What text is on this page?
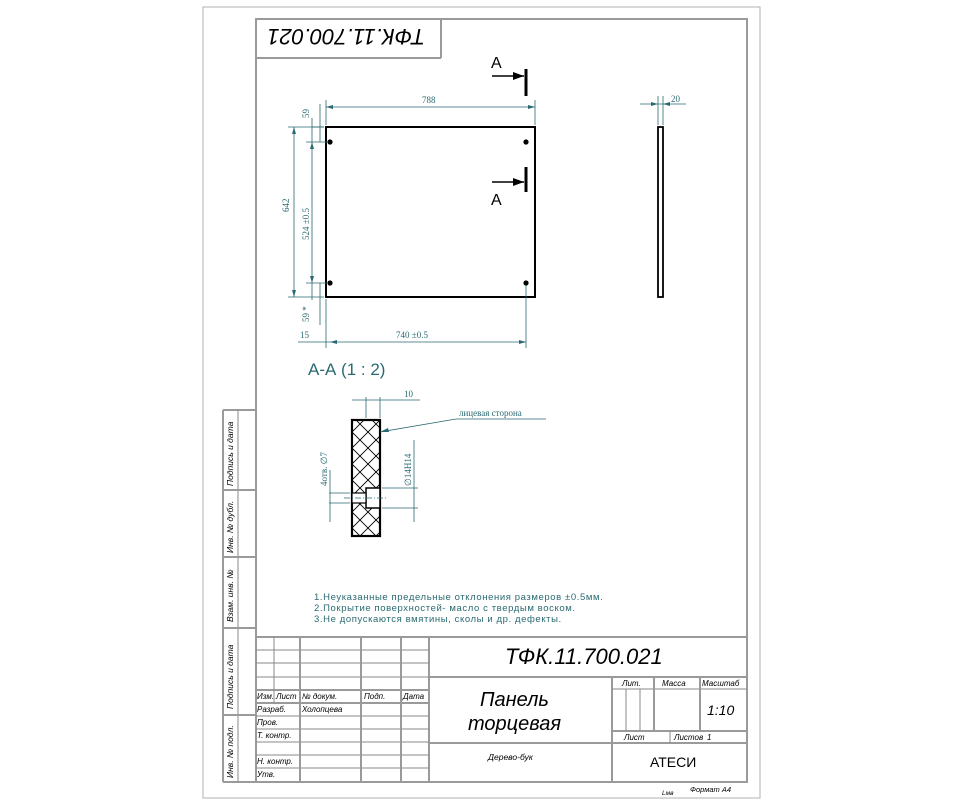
ТФК.11.700.021
Подпись и дата
Инв. № дубл.
Взам. инв. №
Подпись и дата
Инв. № подл.
А
А
788
642
524 ±0.5
59
59 *
15	740 ±0.5
20
А-А (1 : 2)
10
лицевая сторона
4отв. ∅7	∅14H14
1.Неуказанные предельные отклонения размеров ±0.5мм.
2.Покрытие поверхностей- масло с твердым воском.
3.Не допускаются вмятины, сколы и др. дефекты.
Изм. Лист № докум.	Подп. Дата
Разраб. Холопцева
Пров.
Т. контр.
Н. контр.
Утв.
ТФК.11.700.021
Панель
торцевая
Дерево-бук
Лит.	Масса Масштаб
1:10
Лист	Листов 1
АТЕСИ
Lмв Формат А4
